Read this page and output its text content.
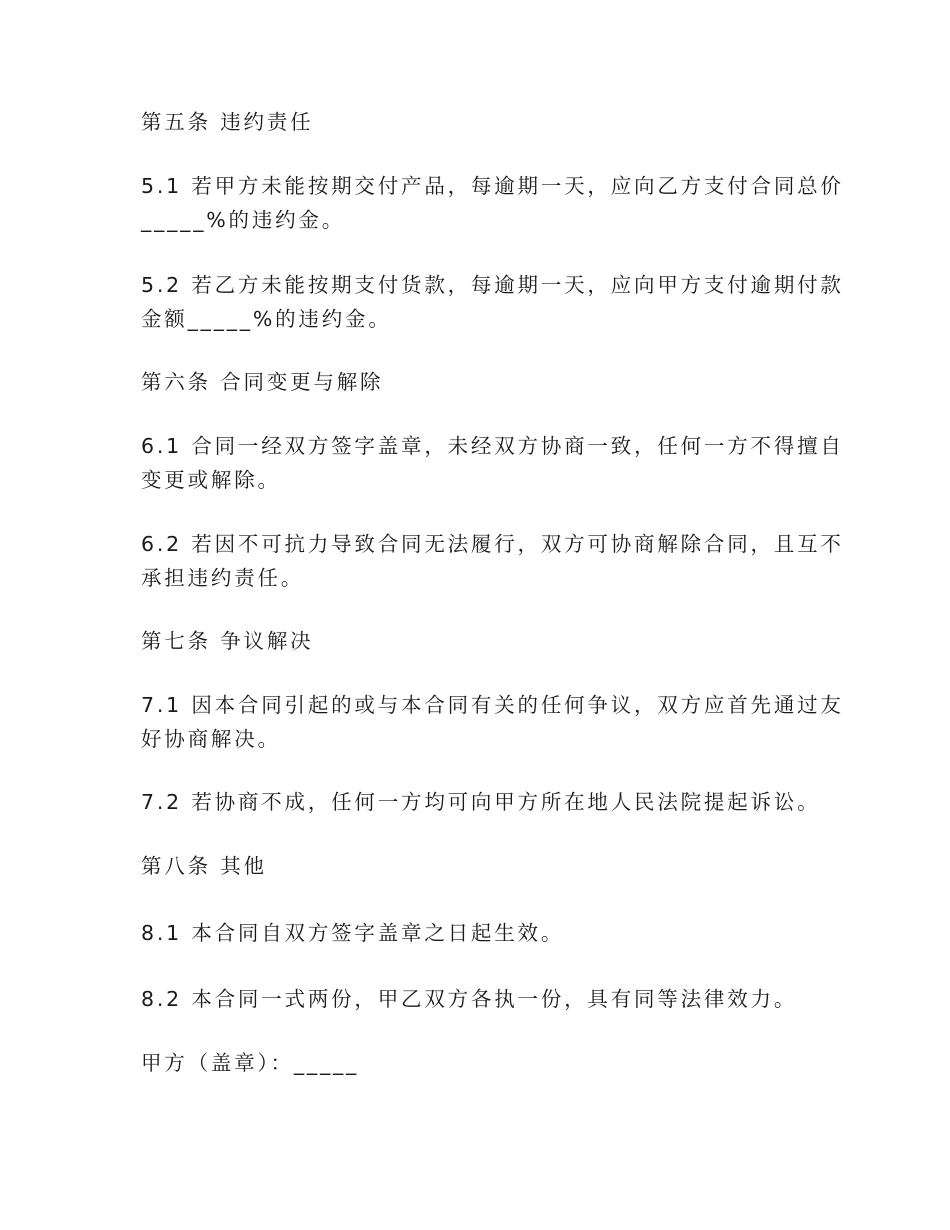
第五条 违约责任
5.1 若甲方未能按期交付产品，每逾期一天，应向乙方支付合同总价
_____%的违约金。
5.2 若乙方未能按期支付货款，每逾期一天，应向甲方支付逾期付款
金额_____%的违约金。
第六条 合同变更与解除
6.1 合同一经双方签字盖章，未经双方协商一致，任何一方不得擅自
变更或解除。
6.2 若因不可抗力导致合同无法履行，双方可协商解除合同，且互不
承担违约责任。
第七条 争议解决
7.1 因本合同引起的或与本合同有关的任何争议，双方应首先通过友
好协商解决。
7.2 若协商不成，任何一方均可向甲方所在地人民法院提起诉讼。
第八条 其他
8.1 本合同自双方签字盖章之日起生效。
8.2 本合同一式两份，甲乙双方各执一份，具有同等法律效力。
甲方（盖章）：_____
